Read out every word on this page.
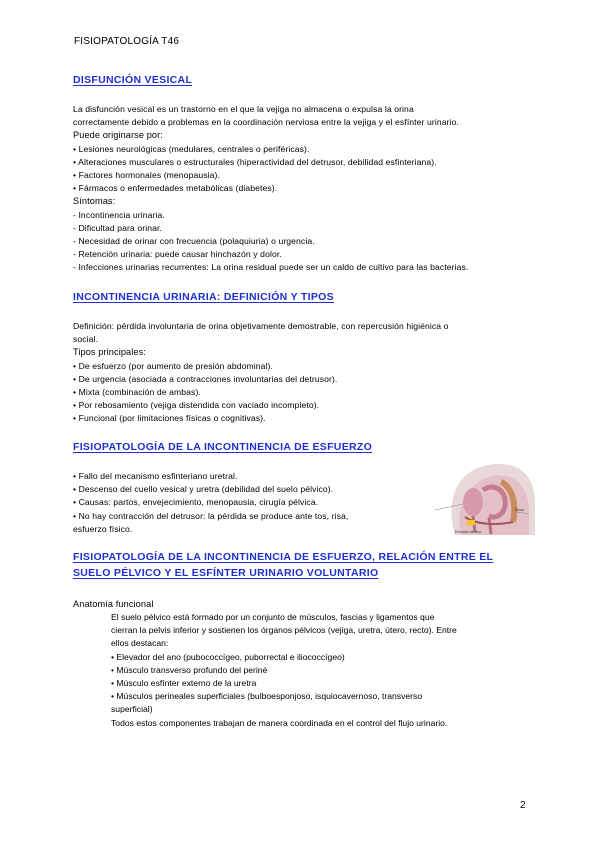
FISIOPATOLOGÍA T46
DISFUNCIÓN VESICAL

La disfunción vesical es un trastorno en el que la vejiga no almacena o expulsa la orina

correctamente debido a problemas en la coordinación nerviosa entre la vejiga y el esfínter urinario.

Puede originarse por:

• Lesiones neurológicas (medulares, centrales o periféricas).

• Alteraciones musculares o estructurales (hiperactividad del detrusor, debilidad esfinteriana).

• Factores hormonales (menopausia).

• Fármacos o enfermedades metabólicas (diabetes).

Síntomas:

- Incontinencia urinaria.

- Dificultad para orinar.

- Necesidad de orinar con frecuencia (polaquiuria) o urgencia.

- Retención urinaria: puede causar hinchazón y dolor.

- Infecciones urinarias recurrentes: La orina residual puede ser un caldo de cultivo para las bacterias.

INCONTINENCIA URINARIA: DEFINICIÓN Y TIPOS

Definición: pérdida involuntaria de orina objetivamente demostrable, con repercusión higiénica o

social.

Tipos principales:

• De esfuerzo (por aumento de presión abdominal).

• De urgencia (asociada a contracciones involuntarias del detrusor).

• Mixta (combinación de ambas).

• Por rebosamiento (vejiga distendida con vaciado incompleto).

• Funcional (por limitaciones físicas o cognitivas).

FISIOPATOLOGÍA DE LA INCONTINENCIA DE ESFUERZO

• Fallo del mecanismo esfinteriano uretral.

• Descenso del cuello vesical y uretra (debilidad del suelo pélvico).

• Causas: partos, envejecimiento, menopausia, cirugía pélvica.

• No hay contracción del detrusor: la pérdida se produce ante tos, risa,

esfuerzo físico.	Elevador del ano
Recto
FISIOPATOLOGÍA DE LA INCONTINENCIA DE ESFUERZO, RELACIÓN ENTRE EL
SUELO PÉLVICO Y EL ESFÍNTER URINARIO VOLUNTARIO
Anatomía funcional

El suelo pélvico está formado por un conjunto de músculos, fascias y ligamentos que

cierran la pelvis inferior y sostienen los órganos pélvicos (vejiga, uretra, útero, recto). Entre

ellos destacan:

• Elevador del ano (pubococcígeo, puborrectal e iliococcígeo)

• Músculo transverso profundo del periné

• Músculo esfínter externo de la uretra

• Músculos perineales superficiales (bulboesponjoso, isquiocavernoso, transverso

superficial)

Todos estos componentes trabajan de manera coordinada en el control del flujo urinario.

2
